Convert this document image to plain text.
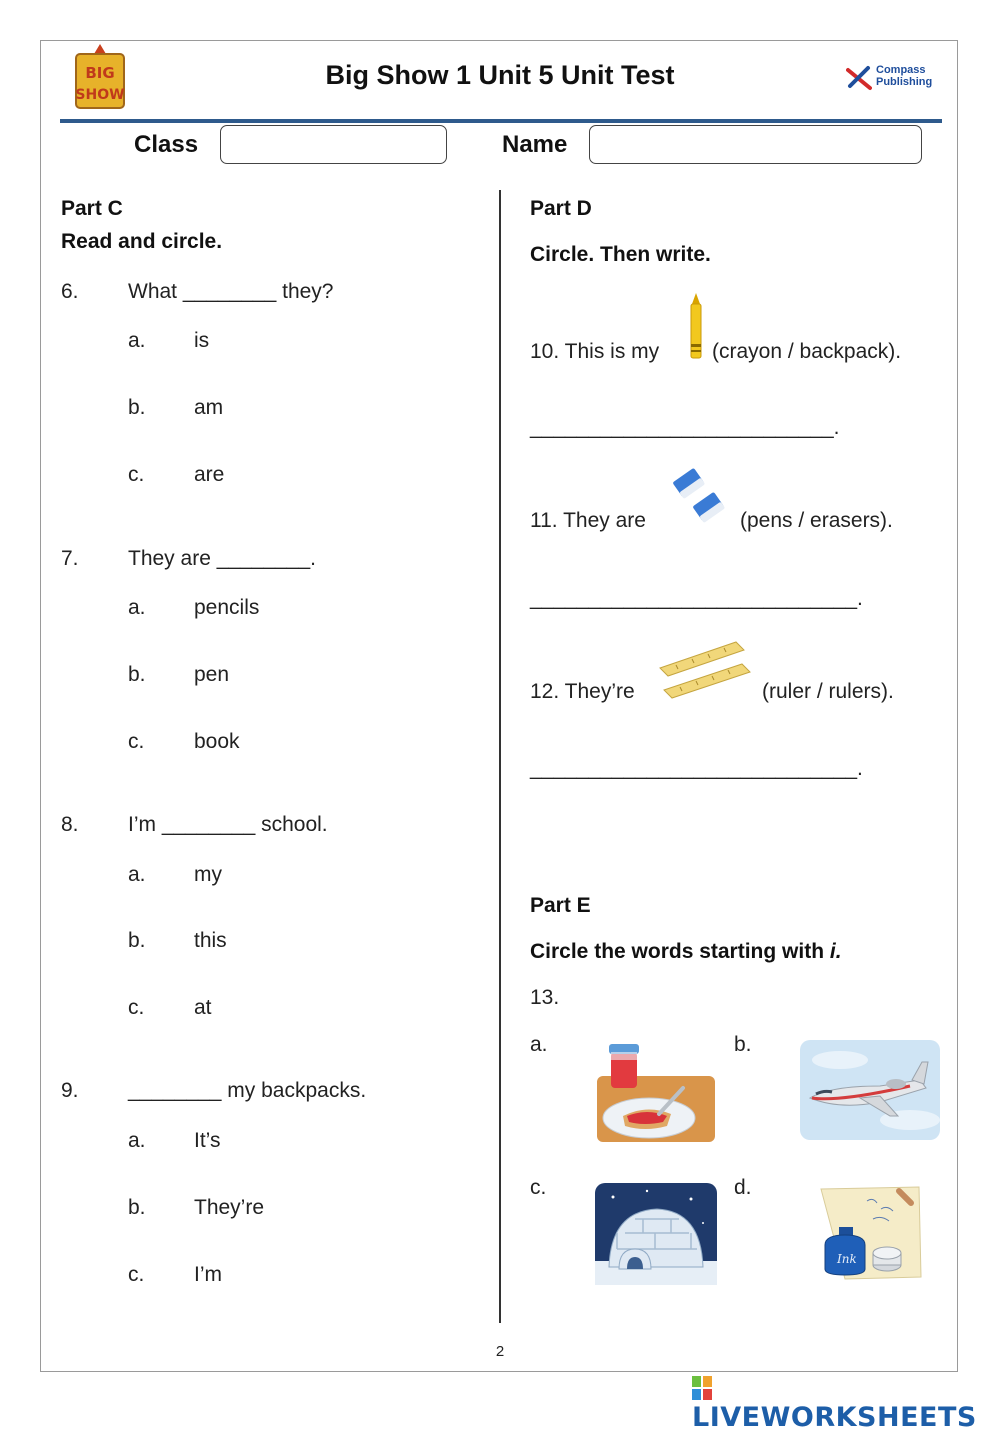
BIG
SHOW
Big Show 1 Unit 5 Unit Test	Compass
Publishing
Class	Name
Part C
Read and circle.
6. What ________ they?
a. is
b. am
c. are
7. They are ________.
a. pencils
b. pen
c. book
8. I’m ________ school.
a. my
b. this
c. at
9. ________ my backpacks.
a. It’s
b. They’re
c. I’m
Part D
Circle. Then write.
10. This is my	(crayon / backpack).
__________________________.
11. They are	(pens / erasers).
____________________________.
12. They’re	(ruler / rulers).
____________________________.
Part E
Circle the words starting with i.
13.
a.	b.
c.	d.
Ink
2
LIVEWORKSHEETS
